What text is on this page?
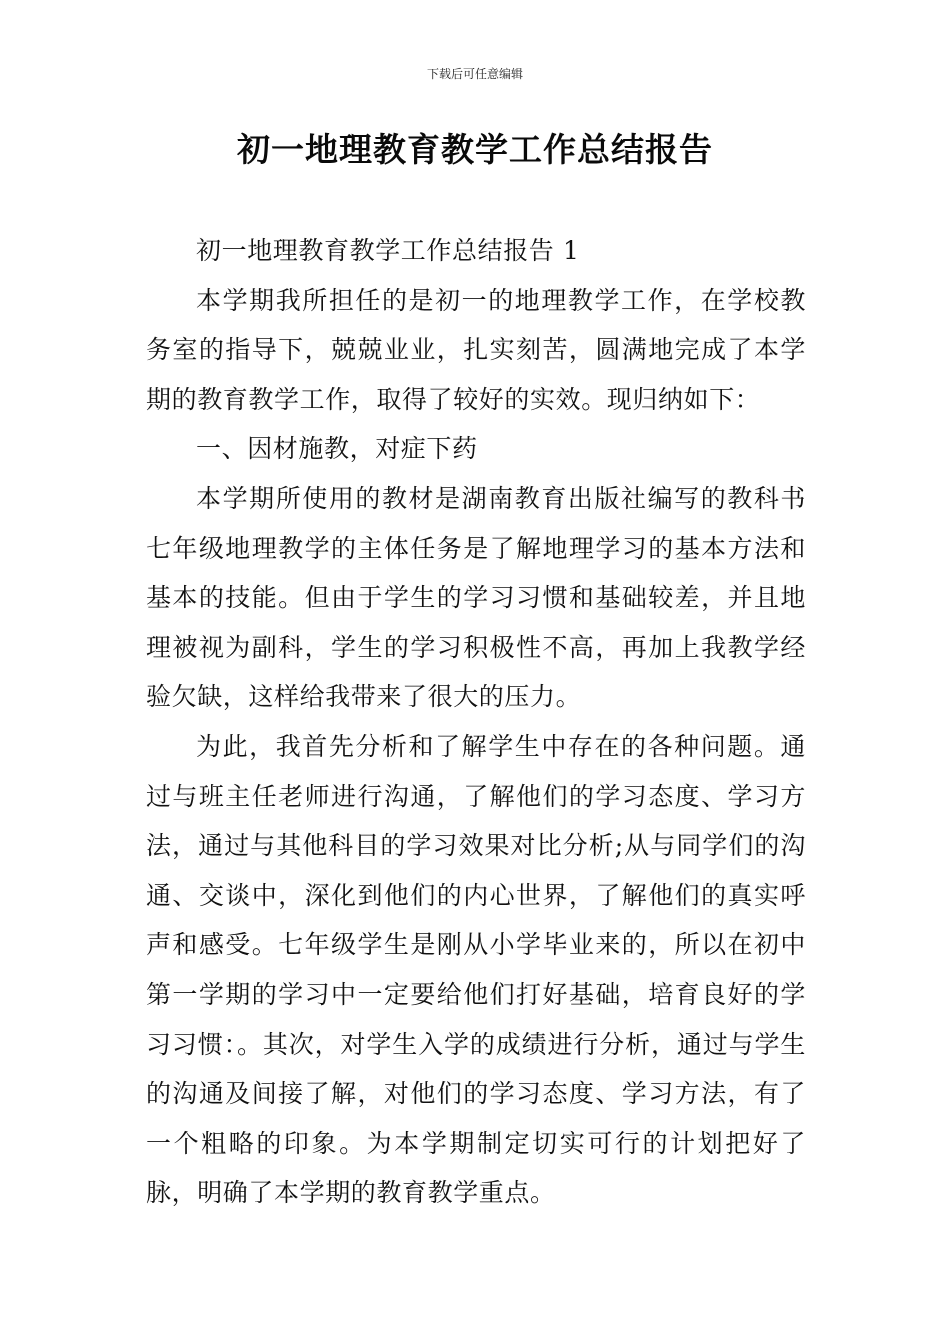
下载后可任意编辑
初一地理教育教学工作总结报告

初一地理教育教学工作总结报告 1

本学期我所担任的是初一的地理教学工作，在学校教务室的指导下，兢兢业业，扎实刻苦，圆满地完成了本学期的教育教学工作，取得了较好的实效。现归纳如下：

一、因材施教，对症下药

本学期所使用的教材是湖南教育出版社编写的教科书七年级地理教学的主体任务是了解地理学习的基本方法和基本的技能。但由于学生的学习习惯和基础较差，并且地理被视为副科，学生的学习积极性不高，再加上我教学经验欠缺，这样给我带来了很大的压力。

为此，我首先分析和了解学生中存在的各种问题。通过与班主任老师进行沟通，了解他们的学习态度、学习方法，通过与其他科目的学习效果对比分析;从与同学们的沟通、交谈中，深化到他们的内心世界，了解他们的真实呼声和感受。七年级学生是刚从小学毕业来的，所以在初中第一学期的学习中一定要给他们打好基础，培育良好的学习习惯：。其次，对学生入学的成绩进行分析，通过与学生的沟通及间接了解，对他们的学习态度、学习方法，有了一个粗略的印象。为本学期制定切实可行的计划把好了脉，明确了本学期的教育教学重点。
